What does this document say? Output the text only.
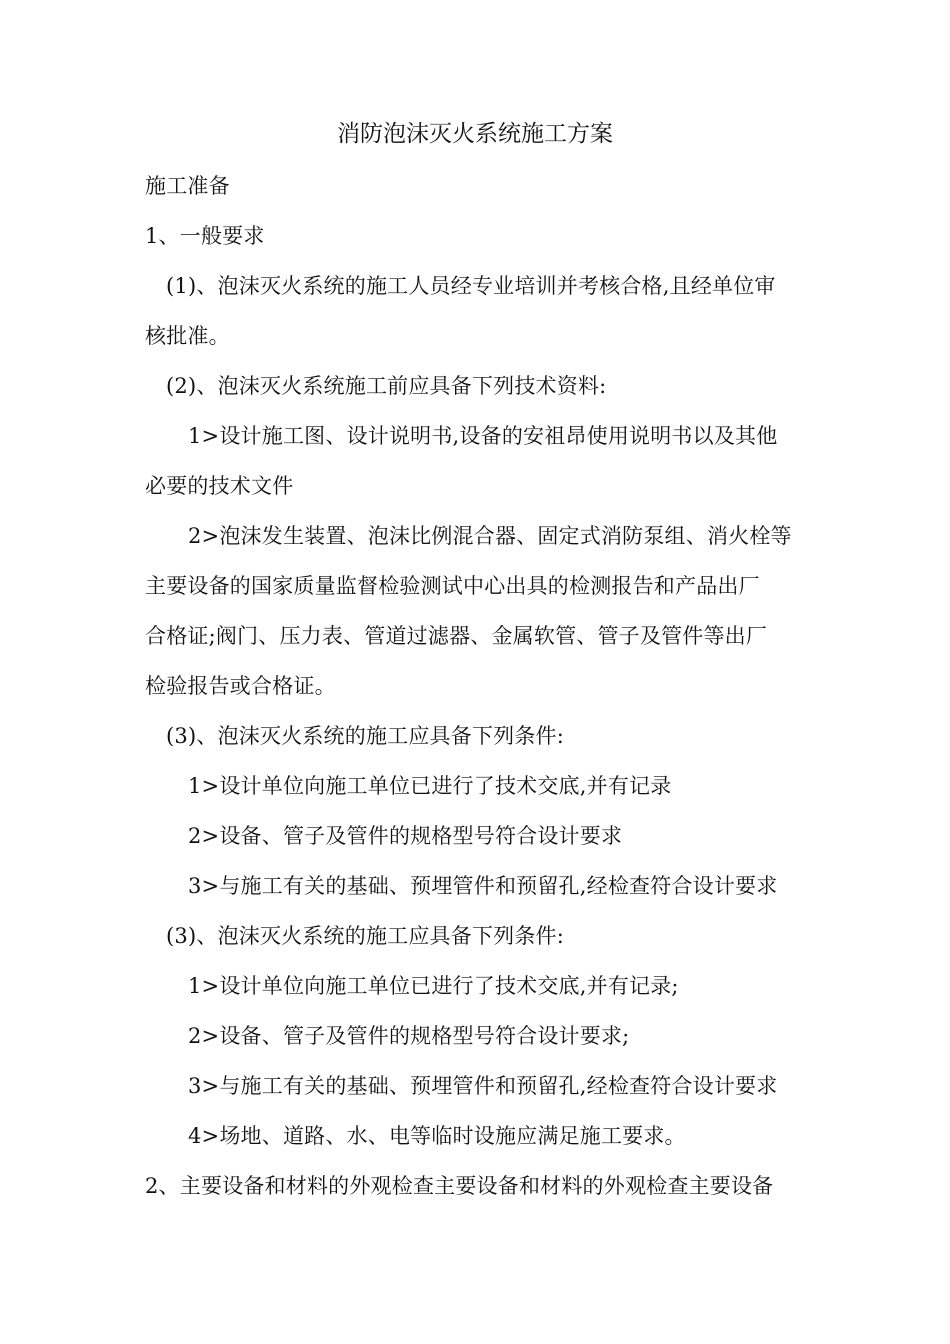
消防泡沫灭火系统施工方案
施工准备
1、一般要求
(1)、泡沫灭火系统的施工人员经专业培训并考核合格,且经单位审
核批准。
(2)、泡沫灭火系统施工前应具备下列技术资料:
1>设计施工图、设计说明书,设备的安祖昂使用说明书以及其他
必要的技术文件
2>泡沫发生装置、泡沫比例混合器、固定式消防泵组、消火栓等
主要设备的国家质量监督检验测试中心出具的检测报告和产品出厂
合格证;阀门、压力表、管道过滤器、金属软管、管子及管件等出厂
检验报告或合格证。
(3)、泡沫灭火系统的施工应具备下列条件:
1>设计单位向施工单位已进行了技术交底,并有记录
2>设备、管子及管件的规格型号符合设计要求
3>与施工有关的基础、预埋管件和预留孔,经检查符合设计要求
(3)、泡沫灭火系统的施工应具备下列条件:
1>设计单位向施工单位已进行了技术交底,并有记录;
2>设备、管子及管件的规格型号符合设计要求;
3>与施工有关的基础、预埋管件和预留孔,经检查符合设计要求
4>场地、道路、水、电等临时设施应满足施工要求。
2、主要设备和材料的外观检查主要设备和材料的外观检查主要设备
